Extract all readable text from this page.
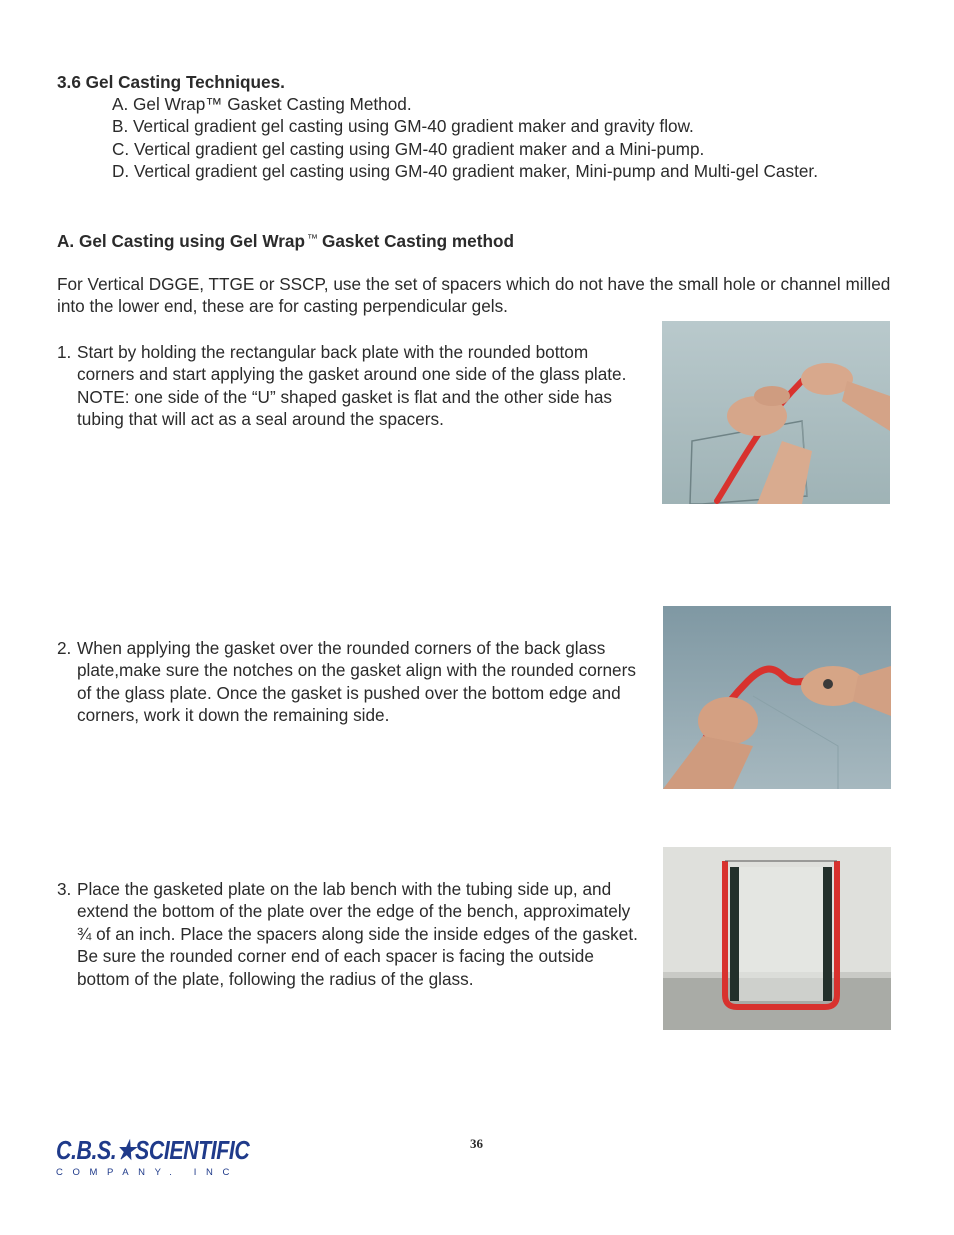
3.6 Gel Casting Techniques.
A. Gel Wrap™ Gasket Casting Method.
B. Vertical gradient gel casting using GM-40 gradient maker and gravity flow.
C. Vertical gradient gel casting using GM-40 gradient maker and a Mini-pump.
D. Vertical gradient gel casting using GM-40 gradient maker, Mini-pump and Multi-gel Caster.
A. Gel Casting using Gel Wrap ™ Gasket Casting method
For Vertical DGGE, TTGE or SSCP, use the set of spacers which do not have the small hole or channel milled into the lower end, these are for casting perpendicular gels.
1. Start by holding the rectangular back plate with the rounded bottom corners and start applying the gasket around one side of the glass plate. NOTE: one side of the “U” shaped gasket is flat and the other side has tubing that will act as a seal around the spacers.
2. When applying the gasket over the rounded corners of the back glass plate,make sure the notches on the gasket align with the rounded corners of the glass plate. Once the gasket is pushed over the bottom edge and corners, work it down the remaining side.
3. Place the gasketed plate on the lab bench with the tubing side up, and extend the bottom of the plate over the edge of the bench, approximately ¾ of an inch. Place the spacers along side the inside edges of the gasket. Be sure the rounded corner end of each spacer is facing the outside bottom of the plate, following the radius of the glass.
36
C.B.S.★SCIENTIFIC
COMPANY. INC
